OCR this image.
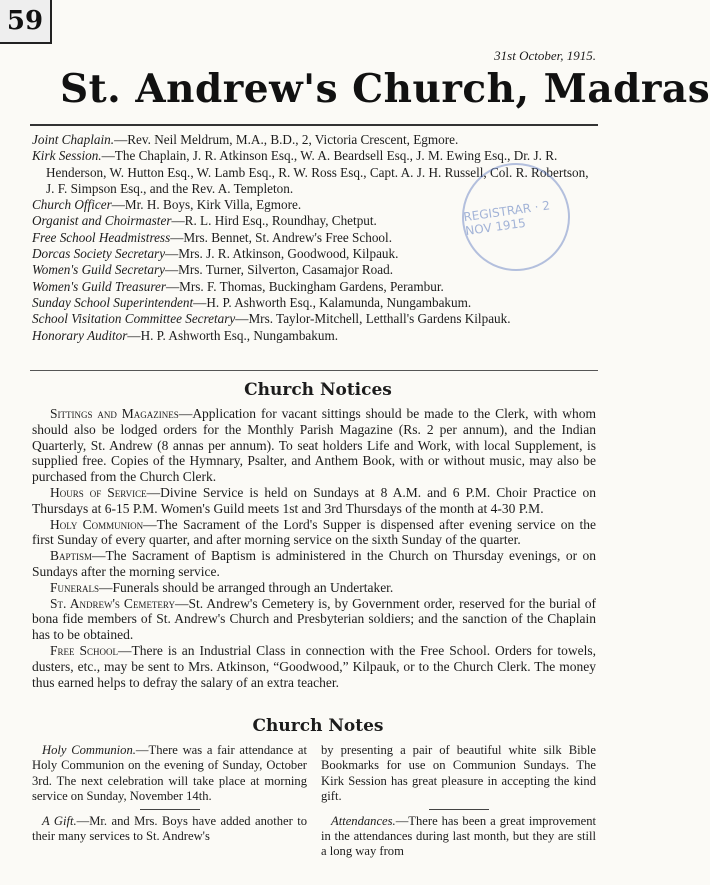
59
31st October, 1915.
St. Andrew's Church, Madras
Joint Chaplain.—Rev. Neil Meldrum, M.A., B.D., 2, Victoria Crescent, Egmore.
Kirk Session.—The Chaplain, J. R. Atkinson Esq., W. A. Beardsell Esq., J. M. Ewing Esq., Dr. J. R. Henderson, W. Hutton Esq., W. Lamb Esq., R. W. Ross Esq., Capt. A. J. H. Russell, Col. R. Robertson, J. F. Simpson Esq., and the Rev. A. Templeton.
Church Officer—Mr. H. Boys, Kirk Villa, Egmore.
Organist and Choirmaster—R. L. Hird Esq., Roundhay, Chetput.
Free School Headmistress—Mrs. Bennet, St. Andrew's Free School.
Dorcas Society Secretary—Mrs. J. R. Atkinson, Goodwood, Kilpauk.
Women's Guild Secretary—Mrs. Turner, Silverton, Casamajor Road.
Women's Guild Treasurer—Mrs. F. Thomas, Buckingham Gardens, Perambur.
Sunday School Superintendent—H. P. Ashworth Esq., Kalamunda, Nungambakum.
School Visitation Committee Secretary—Mrs. Taylor-Mitchell, Letthall's Gardens Kilpauk.
Honorary Auditor—H. P. Ashworth Esq., Nungambakum.
REGISTRAR · 2 NOV 1915
Church Notices

Sittings and Magazines—Application for vacant sittings should be made to the Clerk, with whom should also be lodged orders for the Monthly Parish Magazine (Rs. 2 per annum), and the Indian Quarterly, St. Andrew (8 annas per annum). To seat holders Life and Work, with local Supplement, is supplied free. Copies of the Hymnary, Psalter, and Anthem Book, with or without music, may also be purchased from the Church Clerk.

Hours of Service—Divine Service is held on Sundays at 8 A.M. and 6 P.M. Choir Practice on Thursdays at 6-15 P.M. Women's Guild meets 1st and 3rd Thursdays of the month at 4-30 P.M.

Holy Communion—The Sacrament of the Lord's Supper is dispensed after evening service on the first Sunday of every quarter, and after morning service on the sixth Sunday of the quarter.

Baptism—The Sacrament of Baptism is administered in the Church on Thursday evenings, or on Sundays after the morning service.

Funerals—Funerals should be arranged through an Undertaker.

St. Andrew's Cemetery—St. Andrew's Cemetery is, by Government order, reserved for the burial of bona fide members of St. Andrew's Church and Presbyterian soldiers; and the sanction of the Chaplain has to be obtained.

Free School—There is an Industrial Class in connection with the Free School. Orders for towels, dusters, etc., may be sent to Mrs. Atkinson, “Goodwood,” Kilpauk, or to the Church Clerk. The money thus earned helps to defray the salary of an extra teacher.

Church Notes

Holy Communion.—There was a fair attendance at Holy Communion on the evening of Sunday, October 3rd. The next celebration will take place at morning service on Sunday, November 14th.

A Gift.—Mr. and Mrs. Boys have added another to their many services to St. Andrew's

by presenting a pair of beautiful white silk Bible Bookmarks for use on Communion Sundays. The Kirk Session has great pleasure in accepting the kind gift.

Attendances.—There has been a great improvement in the attendances during last month, but they are still a long way from
